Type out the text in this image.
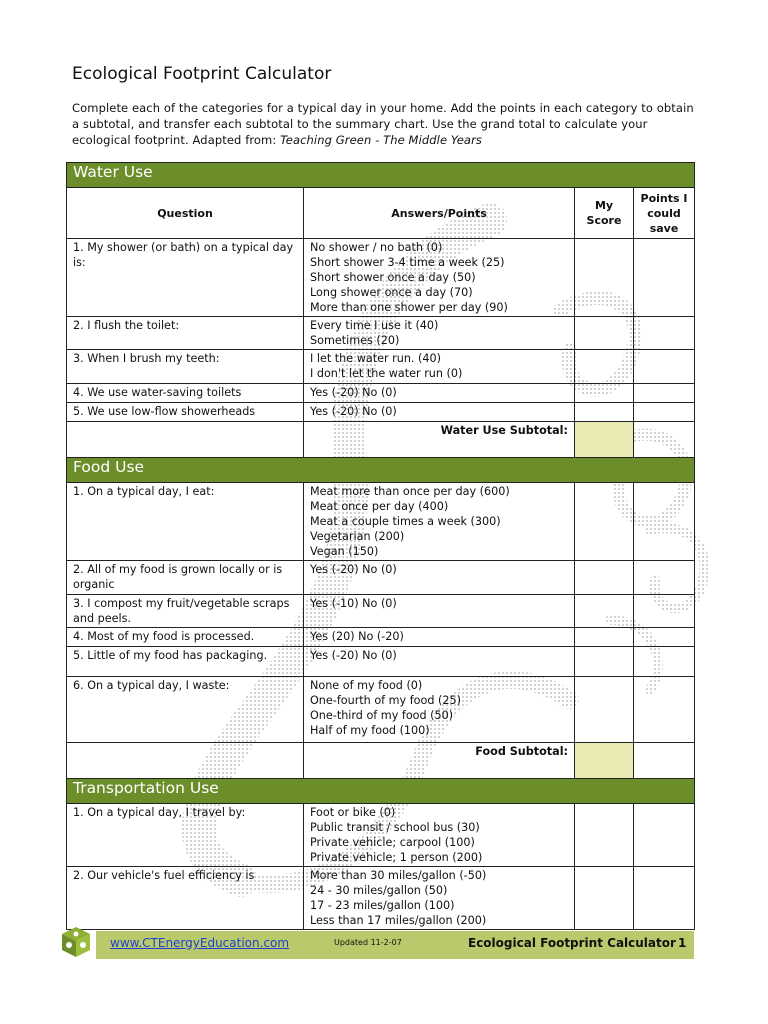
Ecological Footprint Calculator
Complete each of the categories for a typical day in your home. Add the points in each category to obtain a subtotal, and transfer each subtotal to the summary chart. Use the grand total to calculate your ecological footprint. Adapted from: Teaching Green - The Middle Years
Water Use			
Question	Answers/Points	My Score	Points I could save
1. My shower (or bath) on a typical day is:	No shower / no bath (0)
Short shower 3-4 time a week (25)
Short shower once a day (50)
Long shower once a day (70)
More than one shower per day (90)		

2. I flush the toilet:	Every time I use it (40)
Sometimes (20)		

3. When I brush my teeth:	I let the water run. (40)
I don't let the water run (0)		

4. We use water-saving toilets	Yes (-20) No (0)		

5. We use low-flow showerheads	Yes (-20) No (0)		

	Water Use Subtotal:		
Food Use			
1. On a typical day, I eat:	Meat more than once per day (600)
Meat once per day (400)
Meat a couple times a week (300)
Vegetarian (200)
Vegan (150)		

2. All of my food is grown locally or is organic	Yes (-20) No (0)		

3. I compost my fruit/vegetable scraps and peels.	Yes (-10) No (0)		

4. Most of my food is processed.	Yes (20) No (-20)		

5. Little of my food has packaging.	Yes (-20) No (0)		

6. On a typical day, I waste:	None of my food (0)
One-fourth of my food (25)
One-third of my food (50)
Half of my food (100)		

	Food Subtotal:		
Transportation Use			
1. On a typical day, I travel by:	Foot or bike (0)
Public transit / school bus (30)
Private vehicle; carpool (100)
Private vehicle; 1 person (200)		

2. Our vehicle's fuel efficiency is	More than 30 miles/gallon (-50)
24 - 30 miles/gallon (50)
17 - 23 miles/gallon (100)
Less than 17 miles/gallon (200)		

www.CTEnergyEducation.com	Updated 11-2-07	Ecological Footprint Calculator 1
